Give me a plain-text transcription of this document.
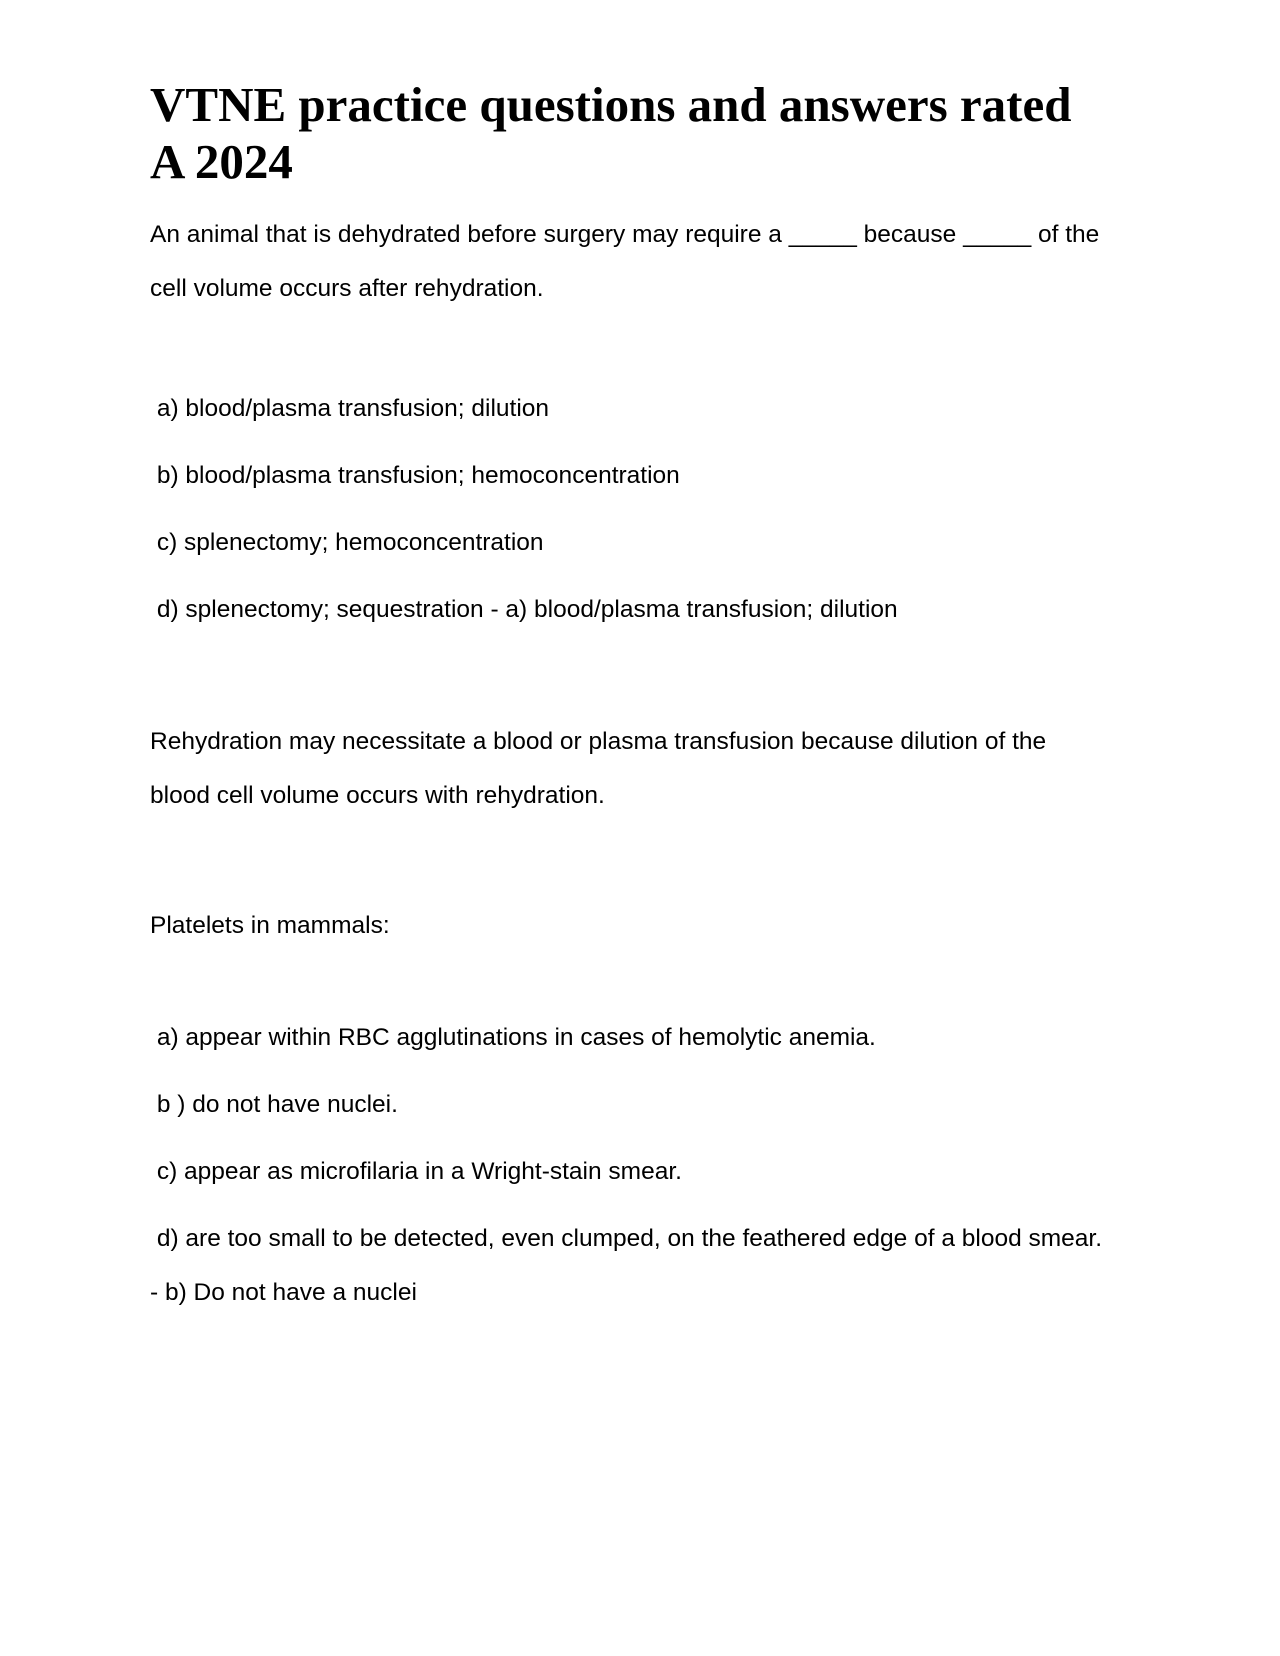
VTNE practice questions and answers rated A 2024

An animal that is dehydrated before surgery may require a _____ because _____ of the cell volume occurs after rehydration.

a) blood/plasma transfusion; dilution

b) blood/plasma transfusion; hemoconcentration

c) splenectomy; hemoconcentration

d) splenectomy; sequestration - a) blood/plasma transfusion; dilution

Rehydration may necessitate a blood or plasma transfusion because dilution of the blood cell volume occurs with rehydration.

Platelets in mammals:

a) appear within RBC agglutinations in cases of hemolytic anemia.

b ) do not have nuclei.

c) appear as microfilaria in a Wright-stain smear.

d) are too small to be detected, even clumped, on the feathered edge of a blood smear. - b) Do not have a nuclei
